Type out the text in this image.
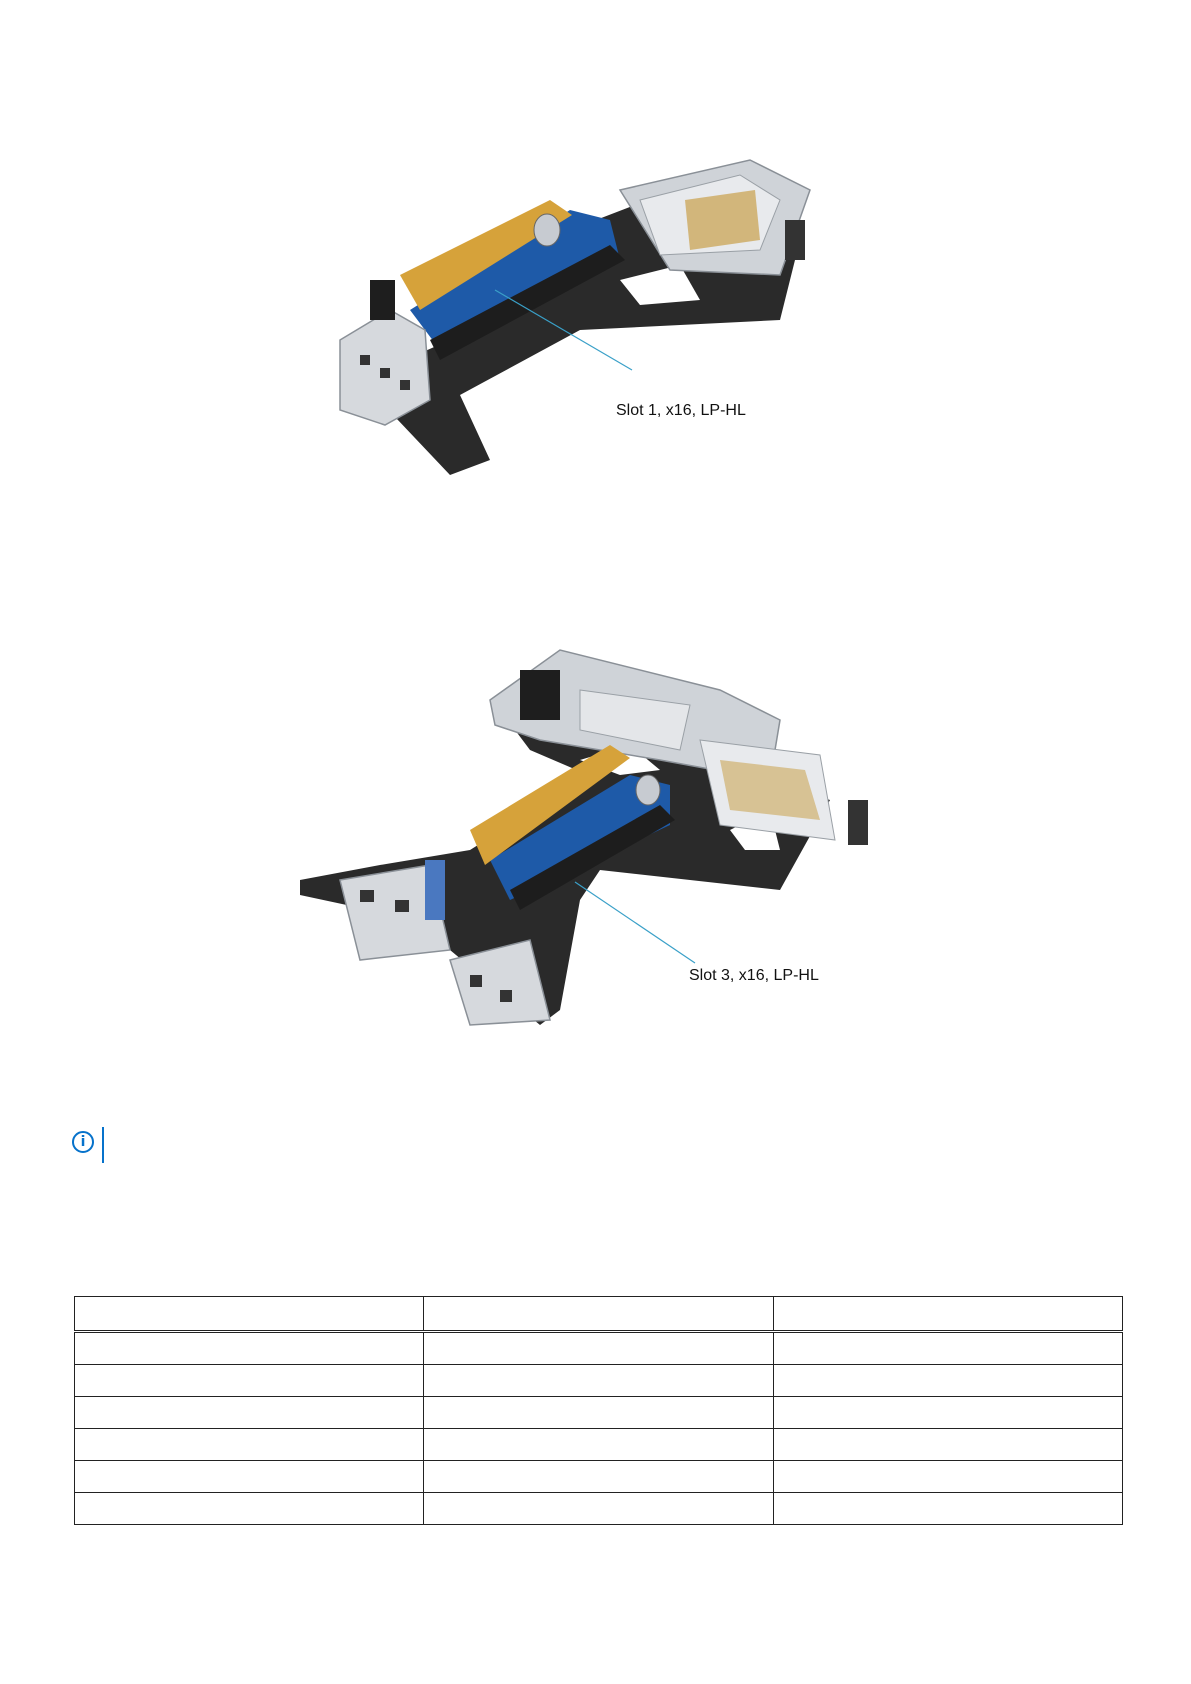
Slot 1, x16, LP-HL
Slot 3, x16, LP-HL
i
